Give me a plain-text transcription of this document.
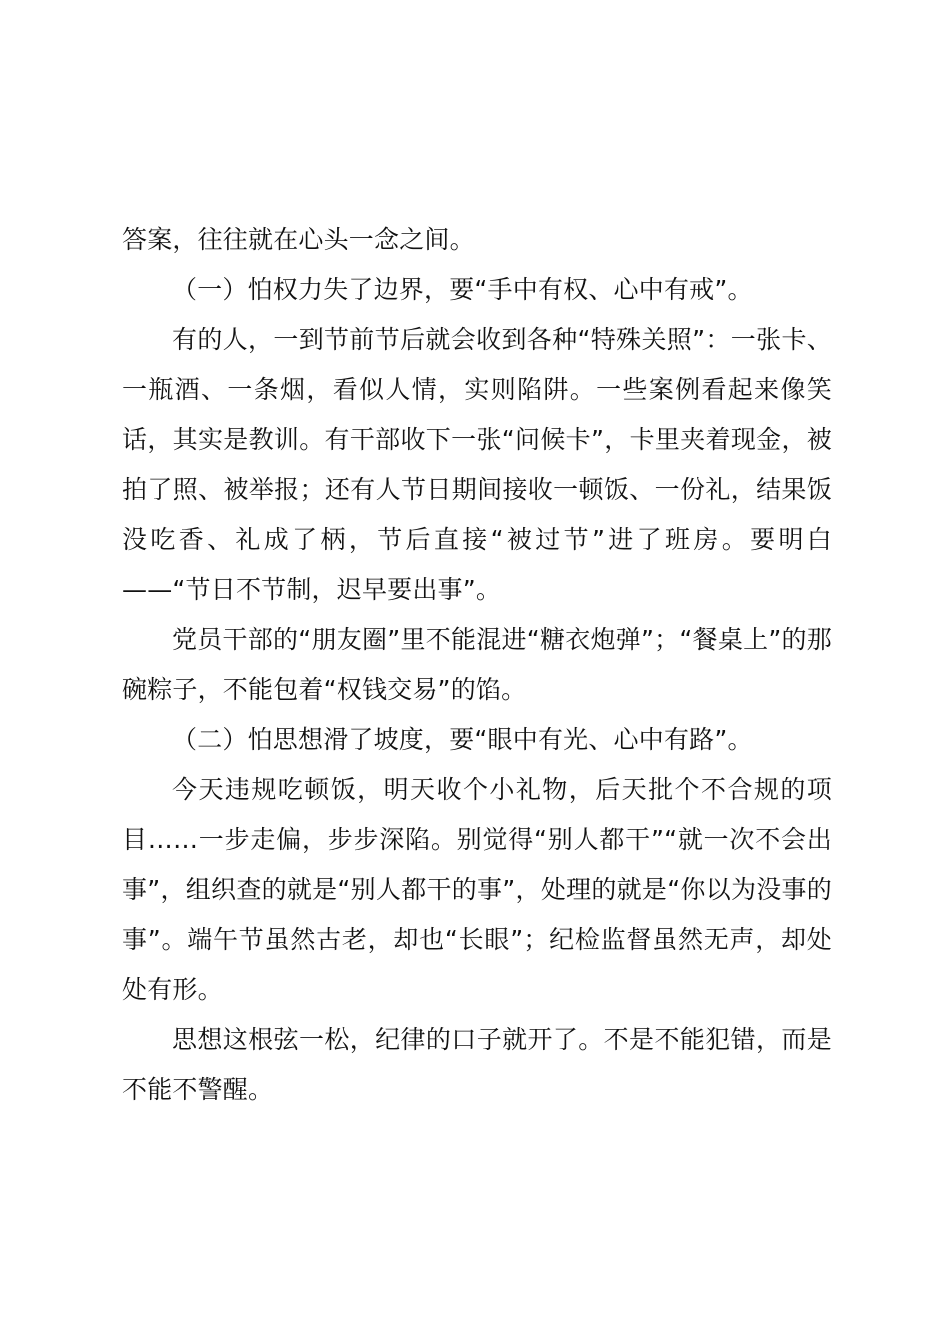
答案，往往就在心头一念之间。

（一）怕权力失了边界，要“手中有权、心中有戒”。

有的人，一到节前节后就会收到各种“特殊关照”：一张卡、一瓶酒、一条烟，看似人情，实则陷阱。一些案例看起来像笑话，其实是教训。有干部收下一张“问候卡”，卡里夹着现金，被拍了照、被举报；还有人节日期间接收一顿饭、一份礼，结果饭没吃香、礼成了柄，节后直接“被过节”进了班房。要明白——“节日不节制，迟早要出事”。

党员干部的“朋友圈”里不能混进“糖衣炮弹”；“餐桌上”的那碗粽子，不能包着“权钱交易”的馅。

（二）怕思想滑了坡度，要“眼中有光、心中有路”。

今天违规吃顿饭，明天收个小礼物，后天批个不合规的项目……一步走偏，步步深陷。别觉得“别人都干”“就一次不会出事”，组织查的就是“别人都干的事”，处理的就是“你以为没事的事”。端午节虽然古老，却也“长眼”；纪检监督虽然无声，却处处有形。

思想这根弦一松，纪律的口子就开了。不是不能犯错，而是不能不警醒。
